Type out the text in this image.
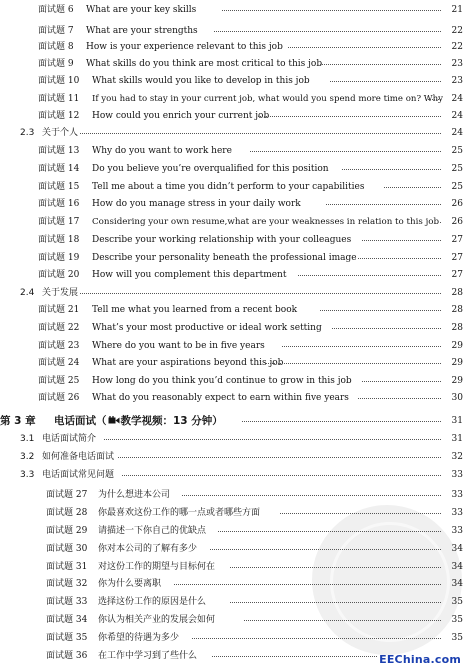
面试题 6 What are your key skills	21
面试题 7 What are your strengths	22
面试题 8 How is your experience relevant to this job	22
面试题 9 What skills do you think are most critical to this job	23
面试题 10 What skills would you like to develop in this job	23
面试题 11 If you had to stay in your current job, what would you spend more time on? Why 24
面试题 12 How could you enrich your current job	24
2.3 关于个人	24
面试题 13 Why do you want to work here	25
面试题 14 Do you believe you’re overqualified for this position	25
面试题 15 Tell me about a time you didn’t perform to your capabilities	25
面试题 16 How do you manage stress in your daily work	26
面试题 17 Considering your own resume,what are your weaknesses in relation to this job	26
面试题 18 Describe your working relationship with your colleagues	27
面试题 19 Describe your personality beneath the professional image	27
面试题 20 How will you complement this department	27
2.4 关于发展	28
面试题 21 Tell me what you learned from a recent book	28
面试题 22 What’s your most productive or ideal work setting	28
面试题 23 Where do you want to be in five years	29
面试题 24 What are your aspirations beyond this job	29
面试题 25 How long do you think you’d continue to grow in this job	29
面试题 26 What do you reasonably expect to earn within five years	30
第 3 章 电话面试（ 教学视频：13 分钟）	31
3.1 电话面试简介	31
3.2 如何准备电话面试	32
3.3 电话面试常见问题	33
面试题 27 为什么想进本公司	33
面试题 28 你最喜欢这份工作的哪一点或者哪些方面	33
面试题 29 请描述一下你自己的优缺点	33
面试题 30 你对本公司的了解有多少	34
面试题 31 对这份工作的期望与目标何在	34
面试题 32 你为什么要离职	34
面试题 33 选择这份工作的原因是什么	35
面试题 34 你认为相关产业的发展会如何	35
面试题 35 你希望的待遇为多少	35
面试题 36 在工作中学习到了些什么	EEChina.com
